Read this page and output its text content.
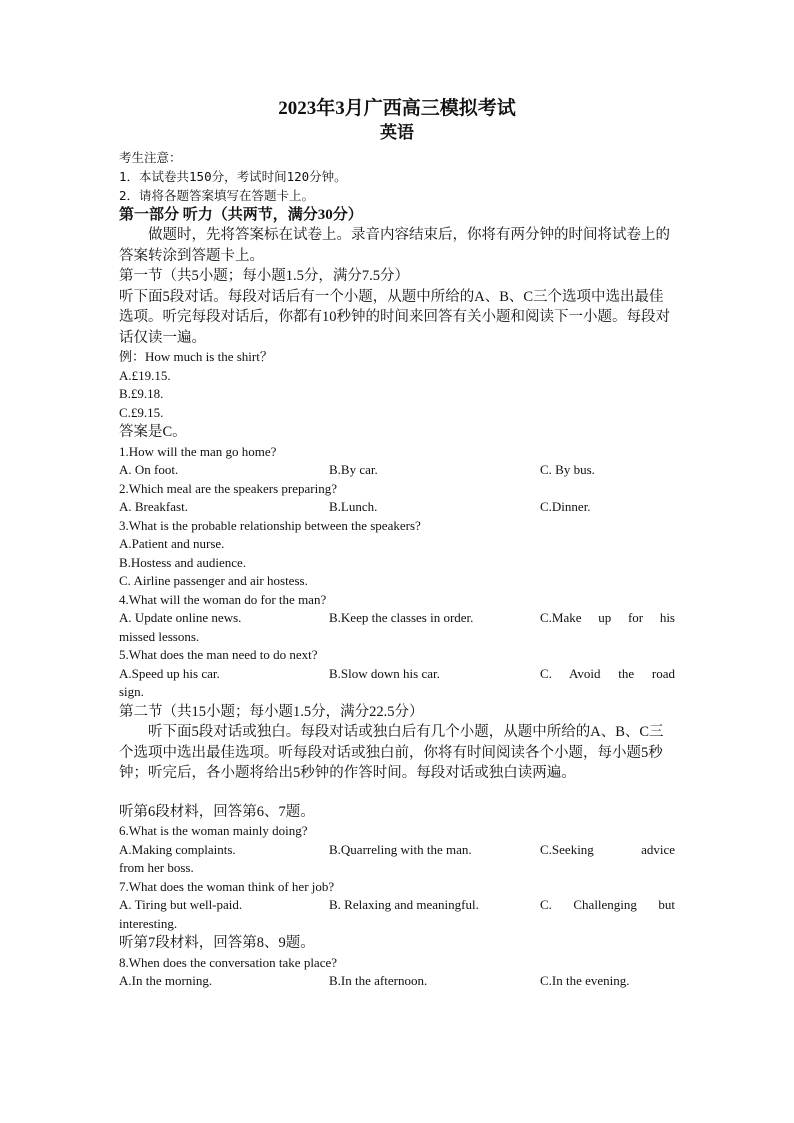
2023年3月广西高三模拟考试

英语

考生注意：

1．本试卷共150分，考试时间120分钟。

2．请将各题答案填写在答题卡上。

第一部分 听力（共两节，满分30分）

做题时，先将答案标在试卷上。录音内容结束后，你将有两分钟的时间将试卷上的答案转涂到答题卡上。

第一节（共5小题；每小题1.5分，满分7.5分）

听下面5段对话。每段对话后有一个小题，从题中所给的A、B、C三个选项中选出最佳选项。听完每段对话后，你都有10秒钟的时间来回答有关小题和阅读下一小题。每段对话仅读一遍。

例：How much is the shirt？

A.£19.15.

B.£9.18.

C.£9.15.

答案是C。

1.How will the man go home?

A. On foot.	B.By car.	C. By bus.

2.Which meal are the speakers preparing?

A. Breakfast.	B.Lunch.	C.Dinner.

3.What is the probable relationship between the speakers?

A.Patient and nurse.

B.Hostess and audience.

C. Airline passenger and air hostess.

4.What will the woman do for the man?

A. Update online news.	B.Keep the classes in order.	C.Make up for his

missed lessons.

5.What does the man need to do next?

A.Speed up his car.	B.Slow down his car.	C. Avoid the road

sign.

第二节（共15小题；每小题1.5分，满分22.5分）

听下面5段对话或独白。每段对话或独白后有几个小题，从题中所给的A、B、C三个选项中选出最佳选项。听每段对话或独白前，你将有时间阅读各个小题，每小题5秒钟；听完后，各小题将给出5秒钟的作答时间。每段对话或独白读两遍。

听第6段材料，回答第6、7题。

6.What is the woman mainly doing?

A.Making complaints.	B.Quarreling with the man.	C.Seeking advice

from her boss.

7.What does the woman think of her job?

A. Tiring but well-paid.	B. Relaxing and meaningful.	C. Challenging but

interesting.

听第7段材料，回答第8、9题。

8.When does the conversation take place?

A.In the morning.	B.In the afternoon.	C.In the evening.
